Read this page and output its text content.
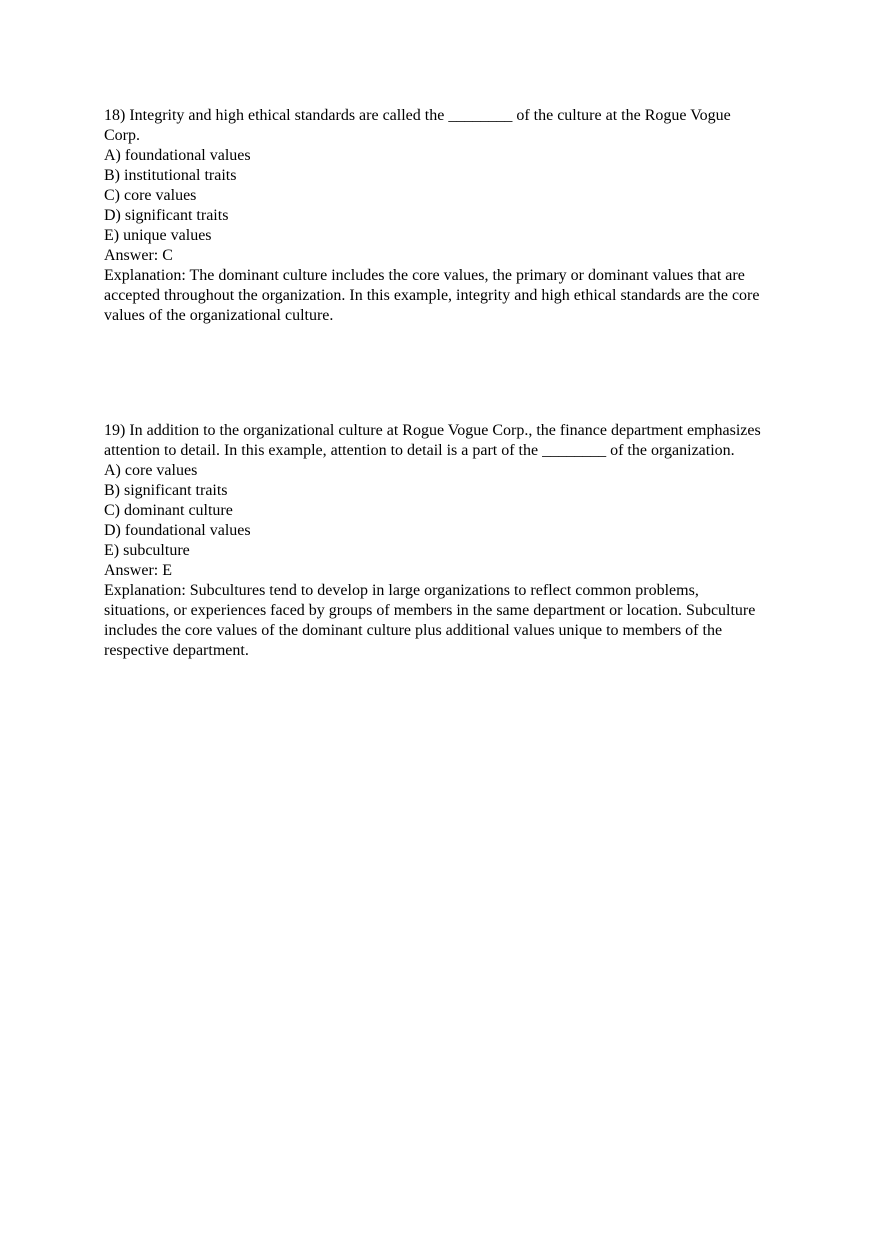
18) Integrity and high ethical standards are called the ________ of the culture at the Rogue Vogue Corp.
A) foundational values
B) institutional traits
C) core values
D) significant traits
E) unique values
Answer: C
Explanation: The dominant culture includes the core values, the primary or dominant values that are accepted throughout the organization. In this example, integrity and high ethical standards are the core values of the organizational culture.
19) In addition to the organizational culture at Rogue Vogue Corp., the finance department emphasizes attention to detail. In this example, attention to detail is a part of the ________ of the organization.
A) core values
B) significant traits
C) dominant culture
D) foundational values
E) subculture
Answer: E
Explanation: Subcultures tend to develop in large organizations to reflect common problems, situations, or experiences faced by groups of members in the same department or location. Subculture includes the core values of the dominant culture plus additional values unique to members of the respective department.
